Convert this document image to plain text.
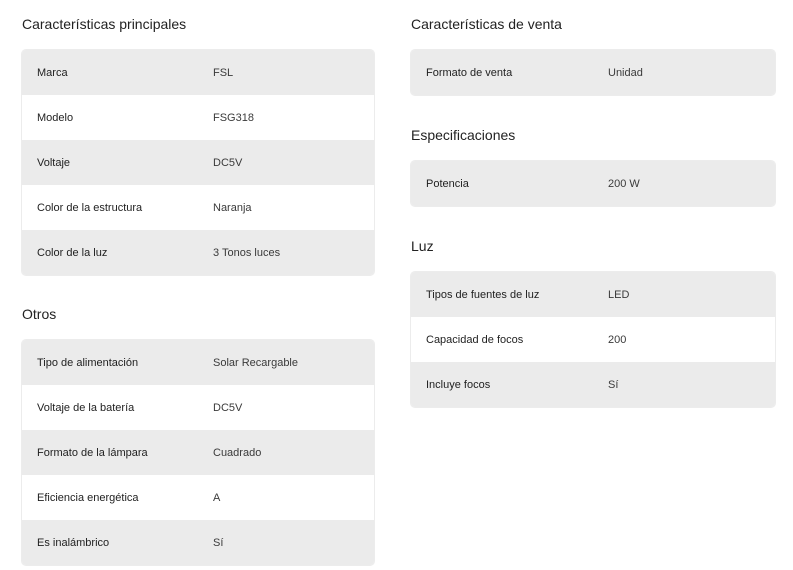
Características principales
Marca	FSL
Modelo	FSG318
Voltaje	DC5V
Color de la estructura	Naranja
Color de la luz	3 Tonos luces
Otros
Tipo de alimentación	Solar Recargable
Voltaje de la batería	DC5V
Formato de la lámpara	Cuadrado
Eficiencia energética	A
Es inalámbrico	Sí
Características de venta
Formato de venta	Unidad
Especificaciones
Potencia	200 W
Luz
Tipos de fuentes de luz	LED
Capacidad de focos	200
Incluye focos	Sí
